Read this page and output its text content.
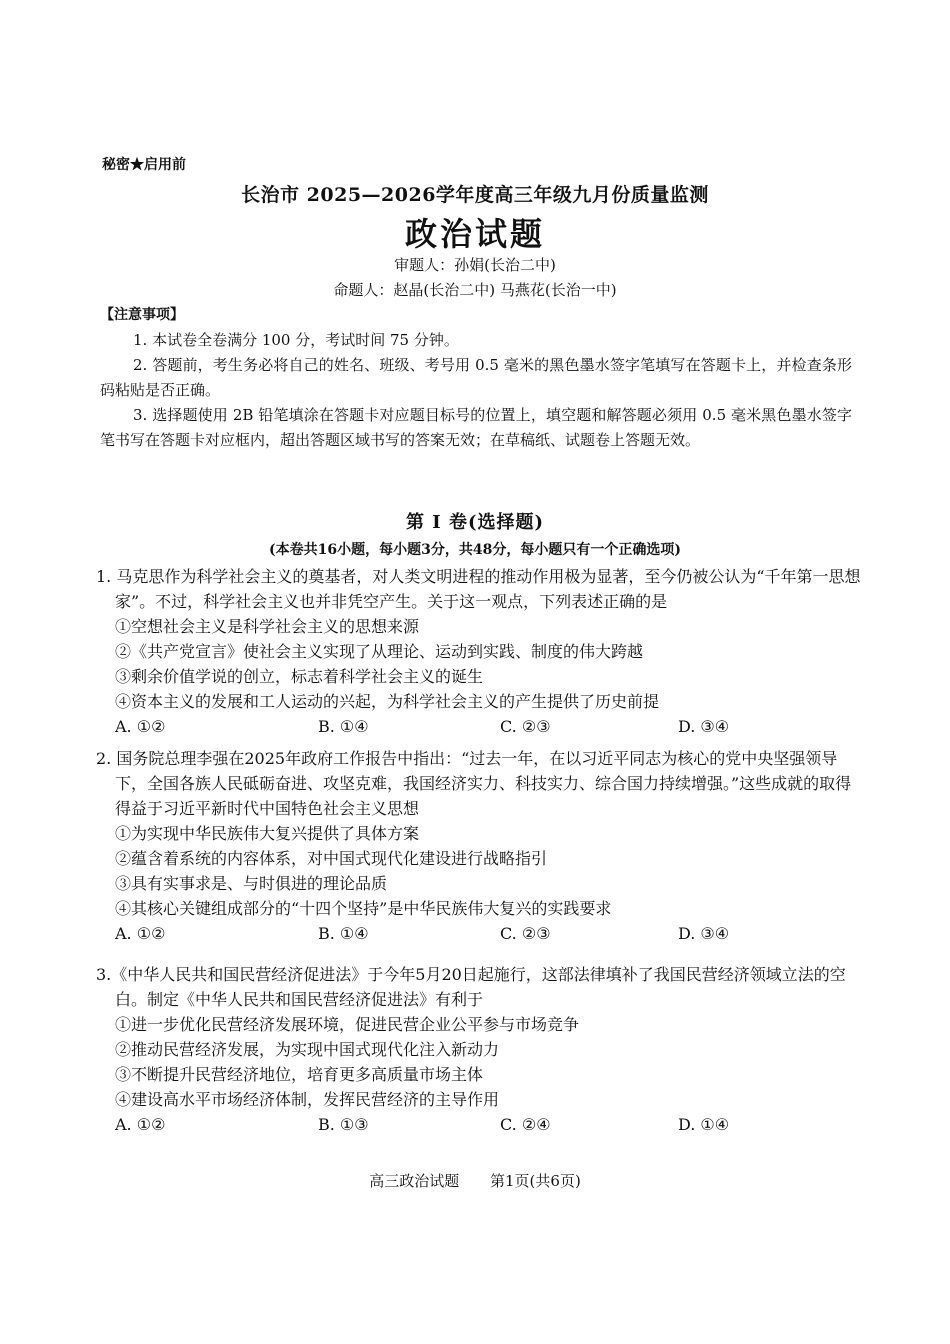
秘密★启用前
长治市 2025—2026学年度高三年级九月份质量监测
政治试题
审题人：孙娟(长治二中)
命题人：赵晶(长治二中) 马燕花(长治一中)
【注意事项】
1. 本试卷全卷满分 100 分，考试时间 75 分钟。
2. 答题前，考生务必将自己的姓名、班级、考号用 0.5 毫米的黑色墨水签字笔填写在答题卡上，并检查条形码粘贴是否正确。
3. 选择题使用 2B 铅笔填涂在答题卡对应题目标号的位置上，填空题和解答题必须用 0.5 毫米黑色墨水签字笔书写在答题卡对应框内，超出答题区域书写的答案无效；在草稿纸、试题卷上答题无效。
第 Ⅰ 卷(选择题)
(本卷共16小题，每小题3分，共48分，每小题只有一个正确选项)
1. 马克思作为科学社会主义的奠基者，对人类文明进程的推动作用极为显著，至今仍被公认为“千年第一思想家”。不过，科学社会主义也并非凭空产生。关于这一观点，下列表述正确的是
①空想社会主义是科学社会主义的思想来源
②《共产党宣言》使社会主义实现了从理论、运动到实践、制度的伟大跨越
③剩余价值学说的创立，标志着科学社会主义的诞生
④资本主义的发展和工人运动的兴起，为科学社会主义的产生提供了历史前提
A. ①②	B. ①④	C. ②③	D. ③④
2. 国务院总理李强在2025年政府工作报告中指出：“过去一年，在以习近平同志为核心的党中央坚强领导下，全国各族人民砥砺奋进、攻坚克难，我国经济实力、科技实力、综合国力持续增强。”这些成就的取得得益于习近平新时代中国特色社会主义思想
①为实现中华民族伟大复兴提供了具体方案
②蕴含着系统的内容体系，对中国式现代化建设进行战略指引
③具有实事求是、与时俱进的理论品质
④其核心关键组成部分的“十四个坚持”是中华民族伟大复兴的实践要求
A. ①②	B. ①④	C. ②③	D. ③④
3.《中华人民共和国民营经济促进法》于今年5月20日起施行，这部法律填补了我国民营经济领域立法的空白。制定《中华人民共和国民营经济促进法》有利于
①进一步优化民营经济发展环境，促进民营企业公平参与市场竞争
②推动民营经济发展，为实现中国式现代化注入新动力
③不断提升民营经济地位，培育更多高质量市场主体
④建设高水平市场经济体制，发挥民营经济的主导作用
A. ①②	B. ①③	C. ②④	D. ①④
高三政治试题 第1页(共6页)
